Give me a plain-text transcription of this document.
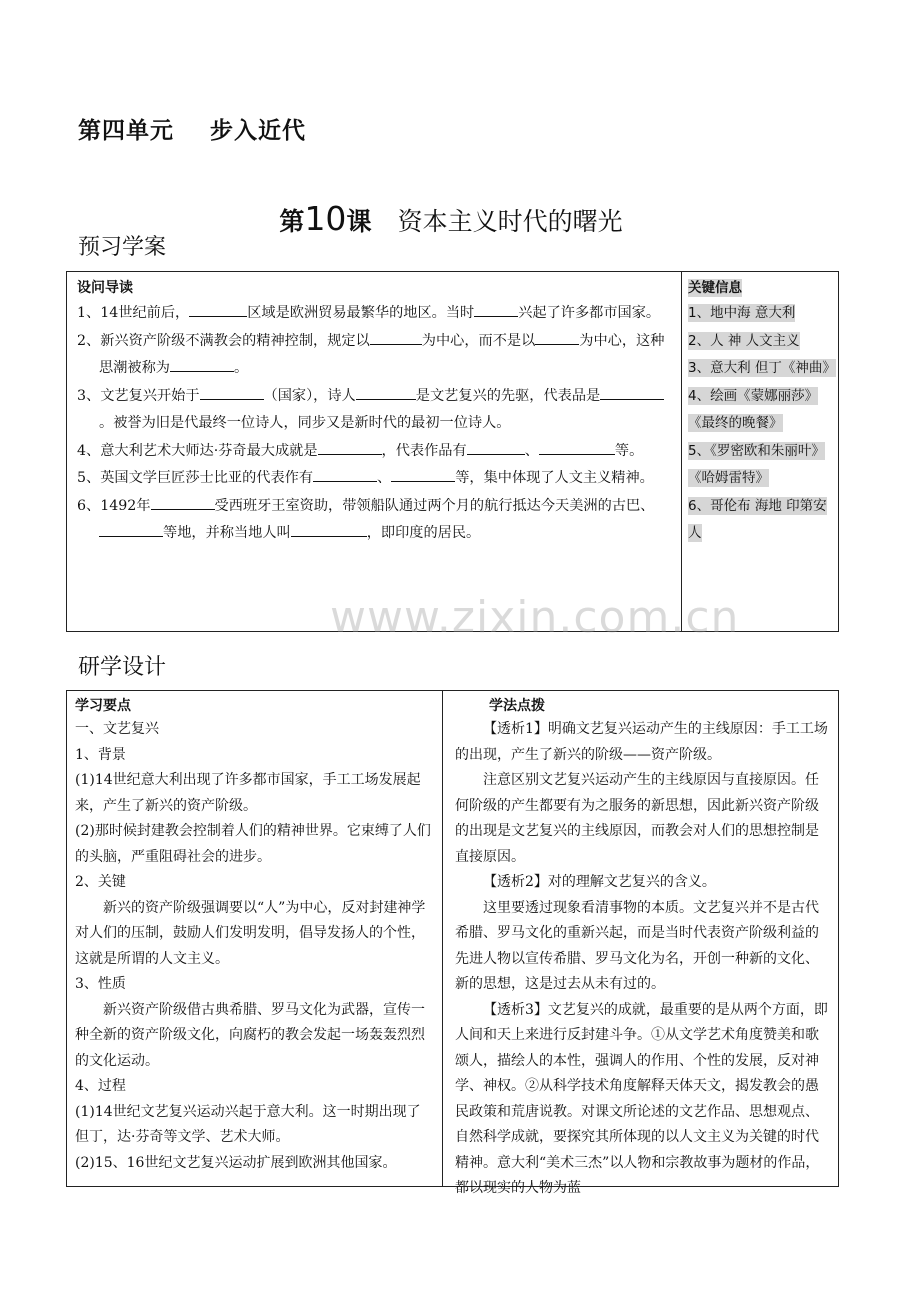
第四单元    步入近代

第10课 资本主义时代的曙光

预习学案
设问导读

1、14世纪前后，	区域是欧洲贸易最繁华的地区。当时	兴起了许多都市国家。

2、新兴资产阶级不满教会的精神控制，规定以	为中心，而不是以	为中心，这种思潮被称为	。

3、文艺复兴开始于	（国家），诗人	是文艺复兴的先驱，代表品是。被誉为旧是代最终一位诗人，同步又是新时代的最初一位诗人。

4、意大利艺术大师达·芬奇最大成就是	，代表作品有	、	等。

5、英国文学巨匠莎士比亚的代表作有	、	等，集中体现了人文主义精神。

6、1492年	受西班牙王室资助，带领船队通过两个月的航行抵达今天美洲的古巴、等地，并称当地人叫	，即印度的居民。

关键信息

1、地中海 意大利

2、人 神 人文主义

3、意大利 但丁《神曲》

4、绘画《蒙娜丽莎》《最终的晚餐》

5、《罗密欧和朱丽叶》《哈姆雷特》

6、哥伦布 海地 印第安人

www.zixin.com.cn
研学设计
学习要点

一、文艺复兴

1、背景

(1)14世纪意大利出现了许多都市国家，手工工场发展起来，产生了新兴的资产阶级。

(2)那时候封建教会控制着人们的精神世界。它束缚了人们的头脑，严重阻碍社会的进步。

2、关键

新兴的资产阶级强调要以“人”为中心，反对封建神学对人们的压制，鼓励人们发明发明，倡导发扬人的个性，这就是所谓的人文主义。

3、性质

新兴资产阶级借古典希腊、罗马文化为武器，宣传一种全新的资产阶级文化，向腐朽的教会发起一场轰轰烈烈的文化运动。

4、过程

(1)14世纪文艺复兴运动兴起于意大利。这一时期出现了但丁，达·芬奇等文学、艺术大师。

(2)15、16世纪文艺复兴运动扩展到欧洲其他国家。

学法点拨

【透析1】明确文艺复兴运动产生的主线原因：手工工场的出现，产生了新兴的阶级——资产阶级。

注意区别文艺复兴运动产生的主线原因与直接原因。任何阶级的产生都要有为之服务的新思想，因此新兴资产阶级的出现是文艺复兴的主线原因，而教会对人们的思想控制是直接原因。

【透析2】对的理解文艺复兴的含义。

这里要透过现象看清事物的本质。文艺复兴并不是古代希腊、罗马文化的重新兴起，而是当时代表资产阶级利益的先进人物以宣传希腊、罗马文化为名，开创一种新的文化、新的思想，这是过去从未有过的。

【透析3】文艺复兴的成就，最重要的是从两个方面，即人间和天上来进行反封建斗争。①从文学艺术角度赞美和歌颂人，描绘人的本性，强调人的作用、个性的发展，反对神学、神权。②从科学技术角度解释天体天文，揭发教会的愚民政策和荒唐说教。对课文所论述的文艺作品、思想观点、自然科学成就，要探究其所体现的以人文主义为关键的时代精神。意大利“美术三杰”以人物和宗教故事为题材的作品，都以现实的人物为蓝
